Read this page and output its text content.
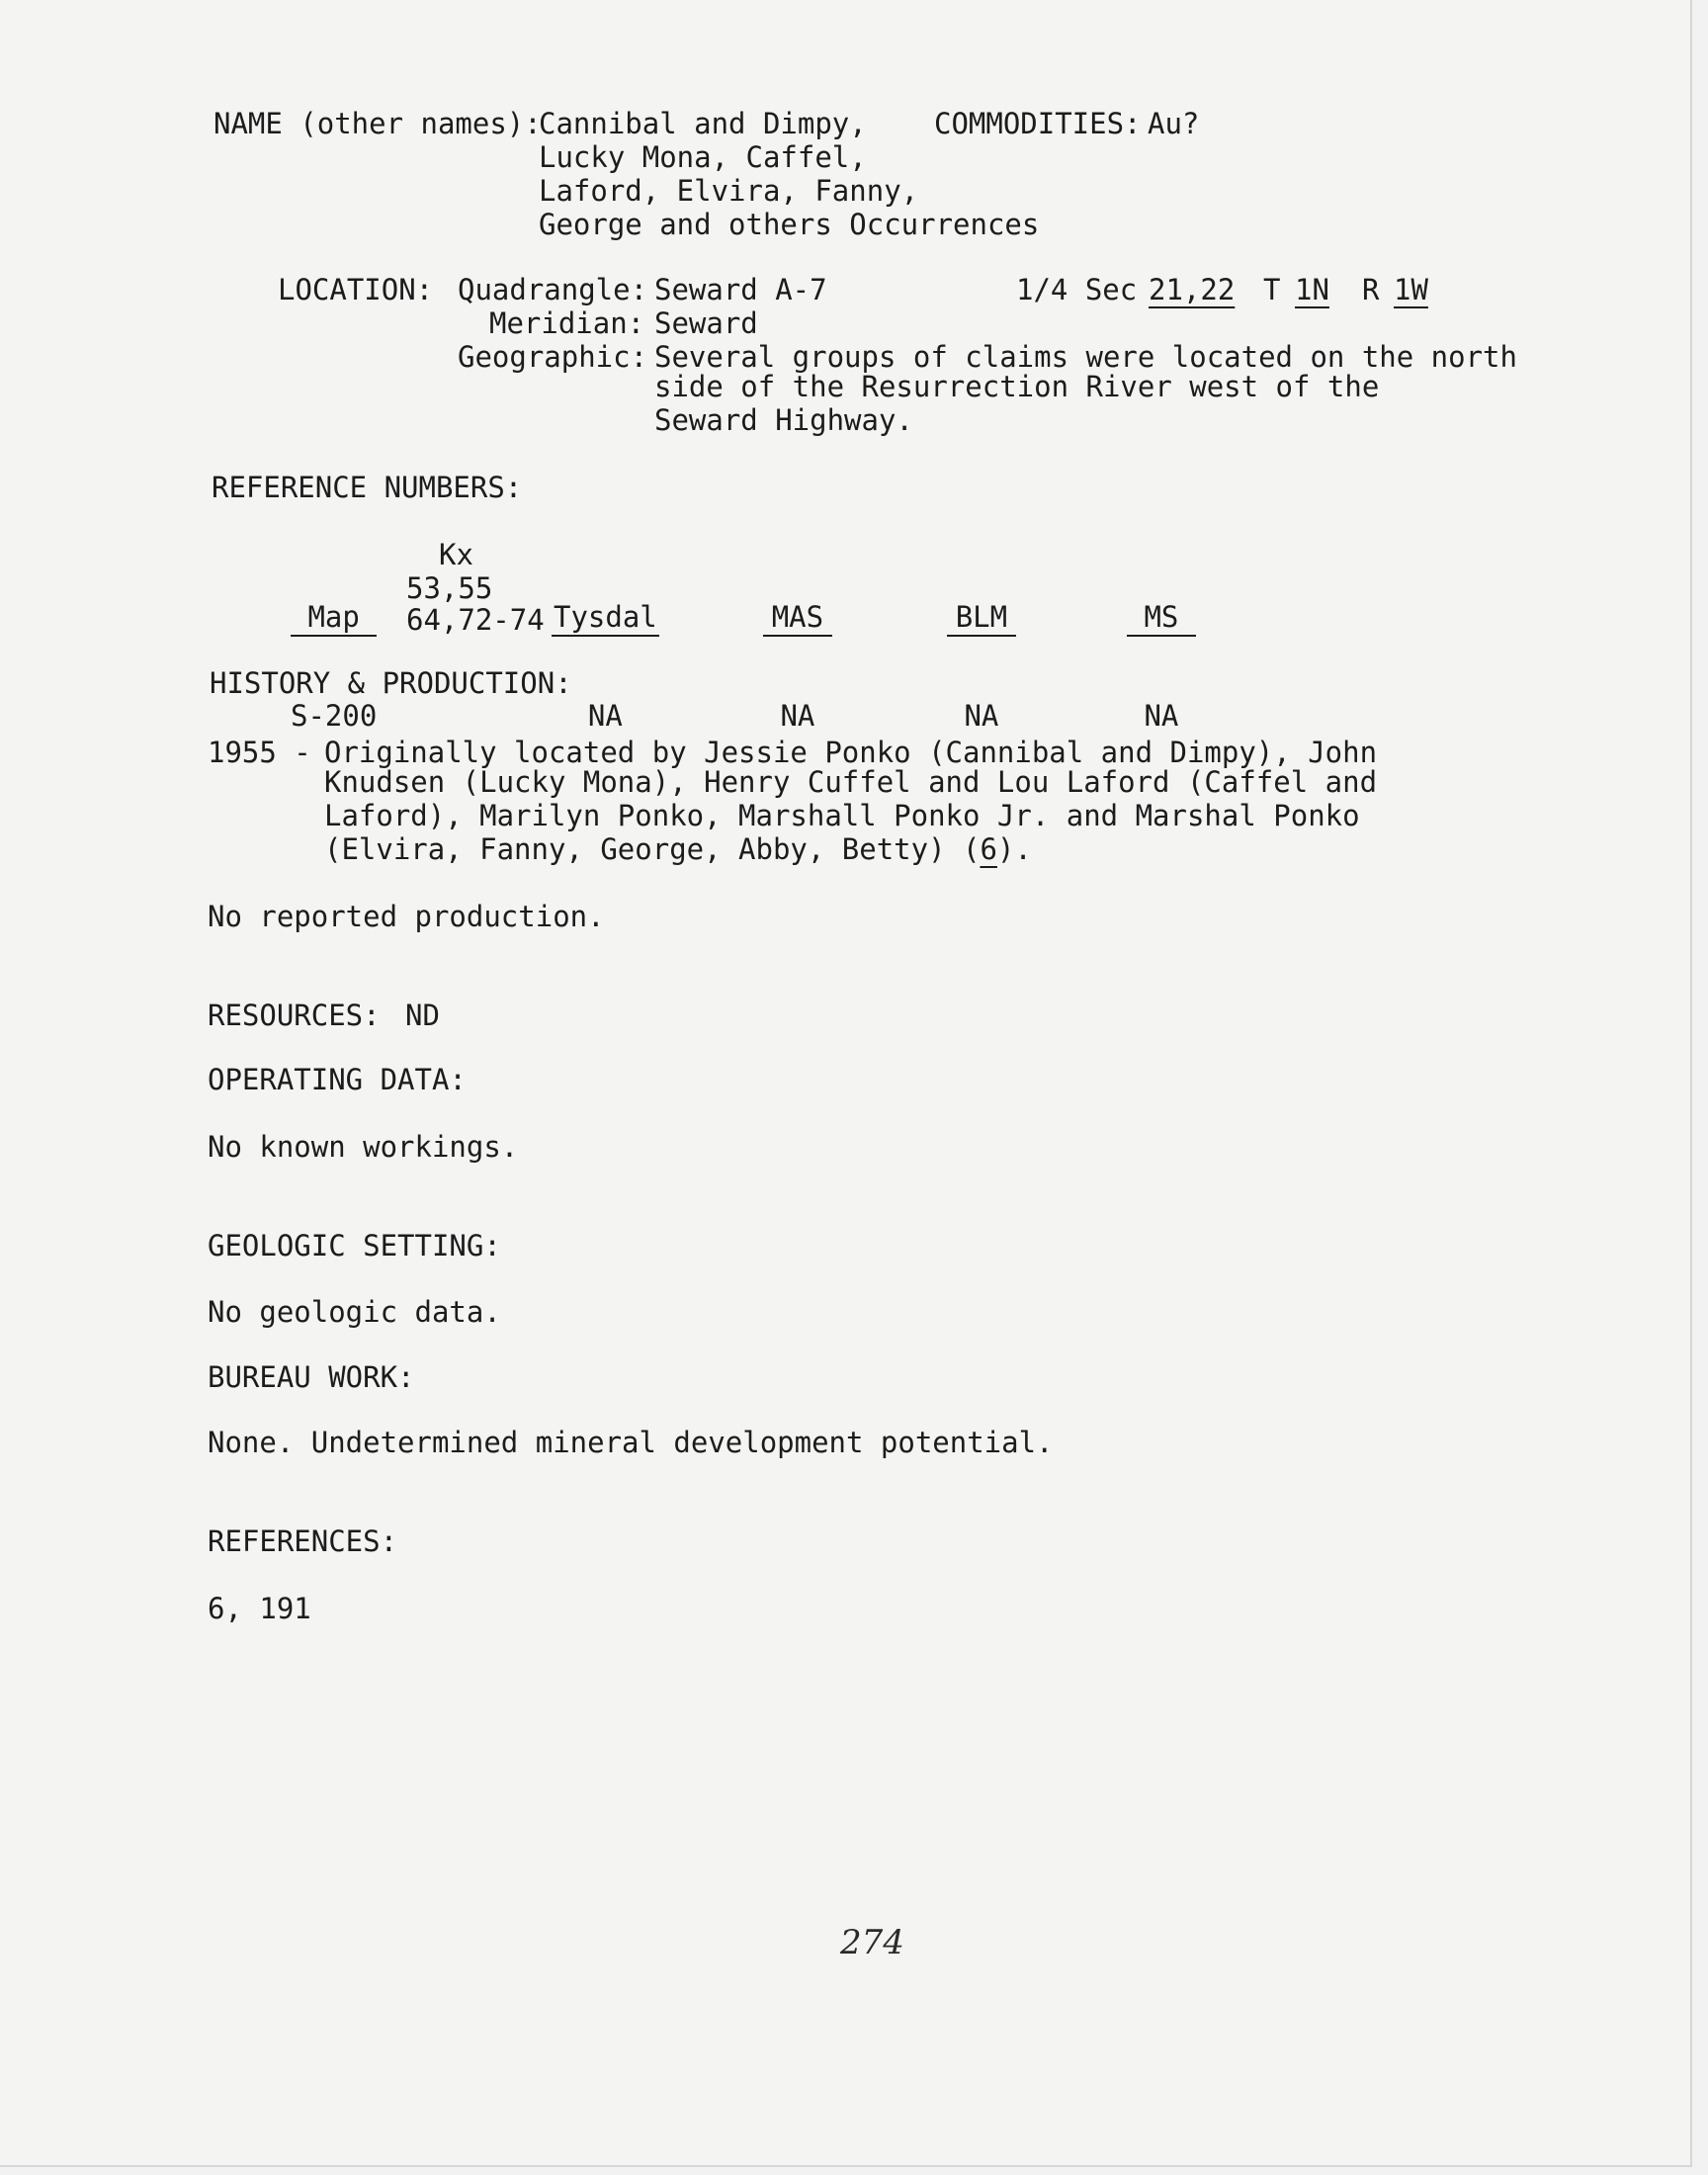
NAME (other names):
Cannibal and Dimpy,
Lucky Mona, Caffel,
Laford, Elvira, Fanny,
George and others Occurrences
COMMODITIES: Au?
LOCATION: Quadrangle: Seward A-7	1/4 Sec 21,22 T 1N R 1W
Meridian: Seward
Geographic: Several groups of claims were located on the north
side of the Resurrection River west of the
Seward Highway.
REFERENCE NUMBERS:

Map

S-200

Kx
53,55
64,72-74

Tysdal

NA

MAS

NA

BLM

NA

MS

NA

HISTORY & PRODUCTION:
1955 - Originally located by Jessie Ponko (Cannibal and Dimpy), John
Knudsen (Lucky Mona), Henry Cuffel and Lou Laford (Caffel and
Laford), Marilyn Ponko, Marshall Ponko Jr. and Marshal Ponko
(Elvira, Fanny, George, Abby, Betty) (6).
No reported production.
RESOURCES: ND
OPERATING DATA:
No known workings.
GEOLOGIC SETTING:
No geologic data.
BUREAU WORK:
None. Undetermined mineral development potential.
REFERENCES:
6, 191
274
